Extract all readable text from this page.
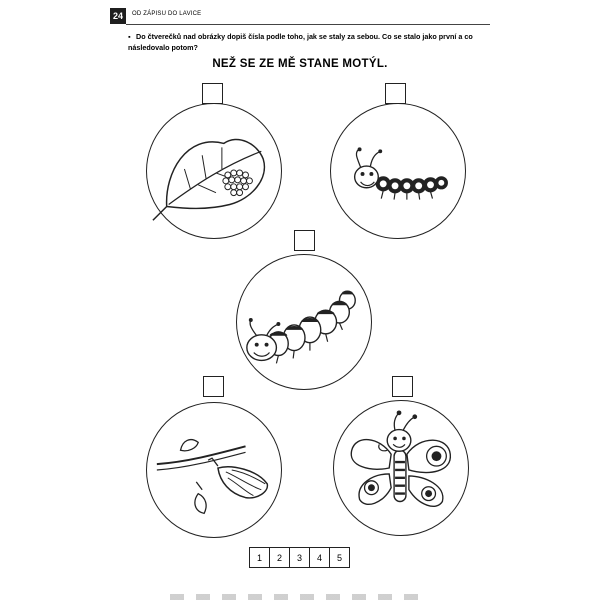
24	OD ZÁPISU DO LAVICE
▪ Do čtverečků nad obrázky dopiš čísla podle toho, jak se staly za sebou. Co se stalo jako první a co následovalo potom?
NEŽ SE ZE MĚ STANE MOTÝL.
1	2	3	4	5
